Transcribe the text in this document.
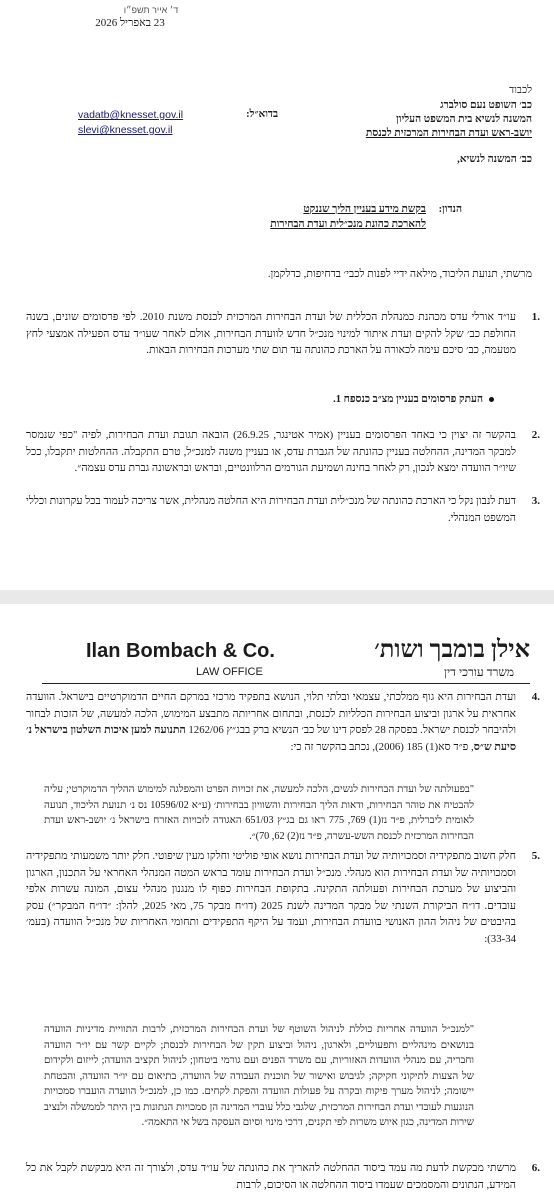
ד׳ אייר תשפ״ו
23 באפריל 2026
לכבוד
כב׳ השופט נעם סולברג
המשנה לנשיא בית המשפט העליון
יושב-ראש ועדת הבחירות המרכזית לכנסת
בדוא״ל:
vadatb@knesset.gov.il
slevi@knesset.gov.il
כב׳ המשנה לנשיא,
הנדון:
בקשת מידע בעניין הליך שננקט
להארכת כהונת מנכ״לית ועדת הבחירות
מרשתי, תנועת הליכוד, מילאה ידיי לפנות לכבי׳ בדחיפות, כדלקמן.
1.
עו״ד אורלי עדס מכהנת כמנהלת הכללית של ועדת הבחירות המרכזית לכנסת משנת 2010. לפי פרסומים שונים, בשנה החולפת כב׳ שקל להקים ועדת איתור למינוי מנכ״ל חדש לוועדת הבחירות, אולם לאחר שעו״ד עדס הפעילה אמצעי לחץ מטעמה, כב׳ סיכם עימה לכאורה על הארכת כהונתה עד תום שתי מערכות הבחירות הבאות.
העתק פרסומים בעניין מצ״ב כנספח 1.
2.
בהקשר זה יצוין כי באחד הפרסומים בעניין (אמיר אטינגר, 26.9.25) הובאה תגובת ועדת הבחירות, לפיה "כפי שנמסר למבקר המדינה, ההחלטה בעניין כהונתה של הגברת עדס, או בעניין משנה למנכ״ל, טרם התקבלה. ההחלטות יתקבלו, ככל שיו״ר הוועדה ימצא לנכון, רק לאחר בחינה ושמיעת הגורמים הרלוונטיים, ובראש ובראשונה גברת עדס עצמה״.
3.
דעת לנבון נקל כי הארכת כהונתה של מנכ״לית ועדת הבחירות היא החלטה מנהלית, אשר צריכה לעמוד בכל עקרונות וכללי המשפט המנהלי.
אילן בומבך ושות׳
משרד עורכי דין
Ilan Bombach & Co.
LAW OFFICE
4.
ועדת הבחירות היא גוף ממלכתי, עצמאי ובלתי תלוי, הנושא בתפקיד מרכזי במרקם החיים הדמוקרטיים בישראל. הוועדה אחראית על ארגון וביצוע הבחירות הכלליות לכנסת, ובתחום אחריותה מתבצע המימוש, הלכה למעשה, של הזכות לבחור ולהיבחר לכנסת ישראל. בפסקה 28 לפסק דינו של כב׳ הנשיא ברק בבג״ץ 1262/06 התנועה למען איכות השלטון בישראל נ׳ סיעת ש״ס, פ״ד סא(1) 185 (2006), נכתב בהקשר זה כי:
"בפעולתה של ועדת הבחירות לגשים, הלכה למעשה, את זכויות הפרט והמפלגה למימוש ההליך הדמוקרטי; עליה להבטיח את טוהר הבחירות, ודאות הליך הבחירות והשוויון בבחירות׳ (ע״א 10596/02 נס נ׳ תנועת הליכוד, תנועה לאומית ליברלית, פ״ד נז(1) 769, 775 ראו גם בג״ץ 651/03 האגודה לזכויות האזרח בישראל נ׳ יושב-ראש ועדת הבחירות המרכזית לכנסת השש-עשרה, פ״ד נז(2) 62, 70)״.
5.
חלק חשוב מתפקידיה וסמכויותיה של ועדת הבחירות נושא אופי פוליטי וחלקו מעין שיפוטי. חלק יותר משמעותי מתפקידיה וסמכויותיה של ועדת הבחירות הוא מנהלי. מנכ״ל ועדת הבחירות עומד בראש המטה המנהלי האחראי על התכנון, הארגון והביצוע של מערכת הבחירות ופעולתה התקינה. בתקופת הבחירות כפוף לו מנגנון מנהלי עצום, המונה עשרות אלפי עובדים. דו״ח הביקורת השנתי של מבקר המדינה לשנת 2025 (דו״ח מבקר 75, מאי 2025, להלן: ״דו״ח המבקר״) עסק בהיבטים של ניהול ההון האנושי בוועדת הבחירות, ועמד על היקף התפקידים ותחומי האחריות של מנכ״ל הוועדה (בעמ׳ 33-34):
"למנכ״ל הוועדה אחריות כוללת לניהול השוטף של ועדת הבחירות המרכזית, לרבות התוויית מדיניות הוועדה בנושאים מינהליים ותפעוליים, ולארגון, ניהול וביצוע תקין של הבחירות לכנסת; לקיים קשר עם יו״ר הוועדה וחבריה, עם מנהלי הוועדות האזוריות, עם משרד הפנים ועם גורמי ביטחון; לניהול תקציב הוועדה; לייזום ולקידום של הצעות לתיקוני חקיקה; לגיבוש ואישור של תוכנית העבודה של הוועדה, בתיאום עם יו״ר הוועדה, והבטחת יישומה; לניהול מערך פיקוח ובקרה על פעולות הוועדה והפקת לקחים. כמו כן, למנכ״ל הוועדה הועברו סמכויות הנוגעות לעובדי ועדת הבחירות המרכזית, שלגבי כלל עובדי המדינה הן סמכויות הנתונות בין היתר לממשלה ולנציב שירות המדינה, כגון איוש משרות לפי תקנים, דרכי מינוי וסיום העסקה בשל אי התאמה״.
6.
מרשתי מבקשת לדעת מה עמד ביסוד ההחלטה להאריך את כהונתה של עו״ד עדס, ולצורך זה היא מבקשת לקבל את כל המידע, הנתונים והמסמכים שעמדו ביסוד ההחלטה או הסיכום, לרבות
